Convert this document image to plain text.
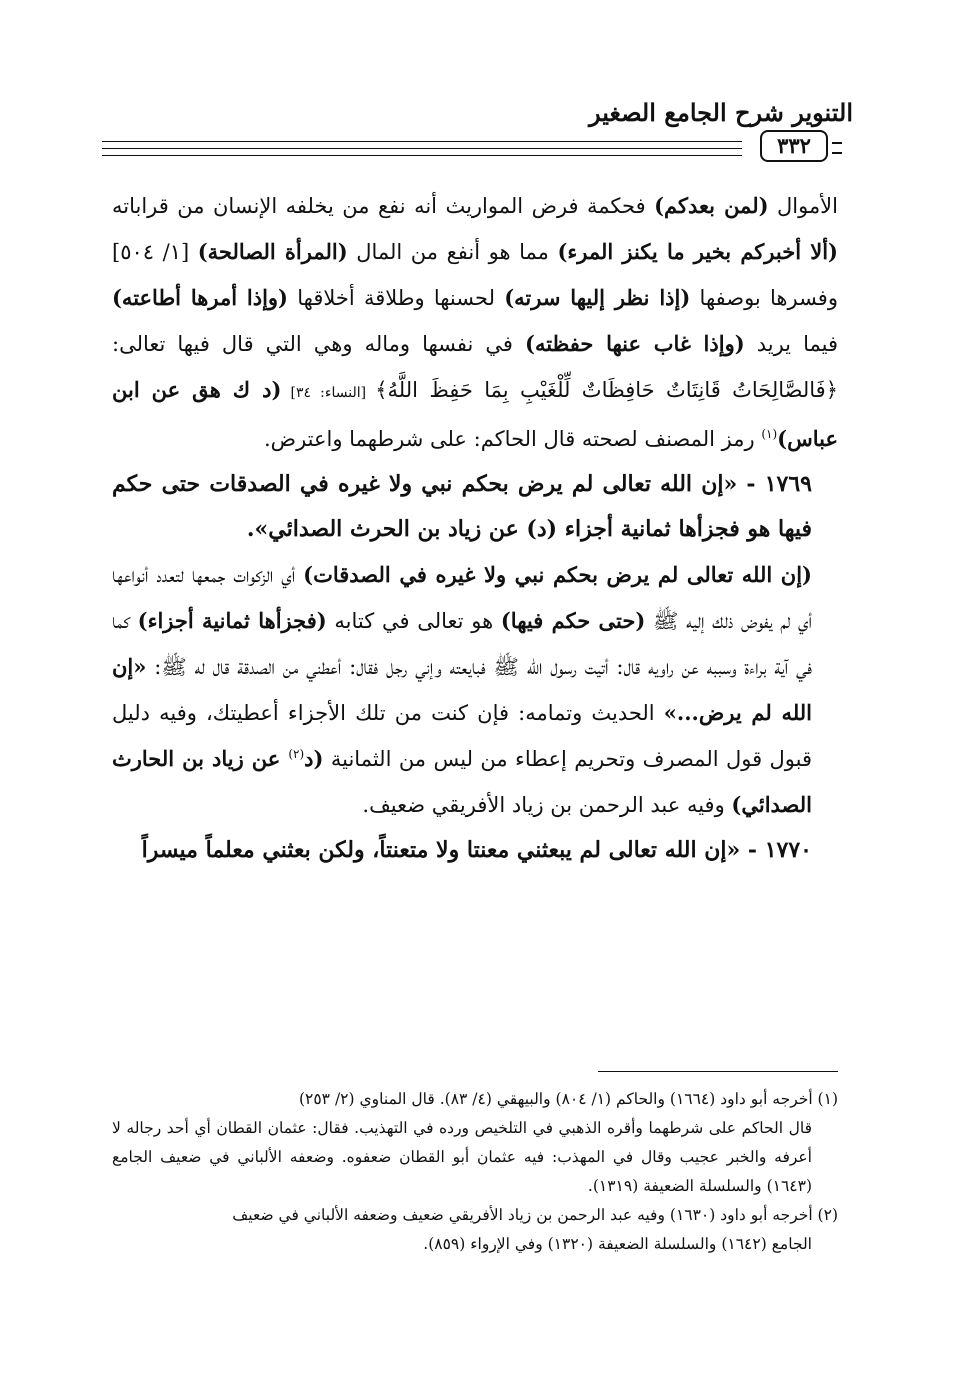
التنوير شرح الجامع الصغير
٣٣٢

الأموال (لمن بعدكم) فحكمة فرض المواريث أنه نفع من يخلفه الإنسان من قراباته (ألا أخبركم بخير ما يكنز المرء) مما هو أنفع من المال (المرأة الصالحة) [١/ ٥٠٤] وفسرها بوصفها (إذا نظر إليها سرته) لحسنها وطلاقة أخلاقها (وإذا أمرها أطاعته) فيما يريد (وإذا غاب عنها حفظته) في نفسها وماله وهي التي قال فيها تعالى: ﴿فَالصَّالِحَاتُ قَانِتَاتٌ حَافِظَاتٌ لِّلْغَيْبِ بِمَا حَفِظَ اللَّهُ﴾ [النساء: ٣٤] (د ك هق عن ابن عباس)$^{(١)}$ رمز المصنف لصحته قال الحاكم: على شرطهما واعترض.

١٧٦٩ - «إن الله تعالى لم يرض بحكم نبي ولا غيره في الصدقات حتى حكم فيها هو فجزأها ثمانية أجزاء (د) عن زياد بن الحرث الصدائي».

(إن الله تعالى لم يرض بحكم نبي ولا غيره في الصدقات) أي الزكوات جمعها لتعدد أنواعها أي لم يفوض ذلك إليه ﷺ (حتى حكم فيها) هو تعالى في كتابه (فجزأها ثمانية أجزاء) كما في آية براءة وسببه عن راويه قال: أتيت رسول الله ﷺ فبايعته وإني رجل فقال: أعطني من الصدقة قال له ﷺ: «إن الله لم يرض...» الحديث وتمامه: فإن كنت من تلك الأجزاء أعطيتك، وفيه دليل قبول قول المصرف وتحريم إعطاء من ليس من الثمانية (د$^{(٢)}$ عن زياد بن الحارث الصدائي) وفيه عبد الرحمن بن زياد الأفريقي ضعيف.

١٧٧٠ - «إن الله تعالى لم يبعثني معنتا ولا متعنتاً، ولكن بعثني معلماً ميسراً

(١) أخرجه أبو داود (١٦٦٤) والحاكم (١/ ٨٠٤) والبيهقي (٤/ ٨٣). قال المناوي (٢/ ٢٥٣)

قال الحاكم على شرطهما وأقره الذهبي في التلخيص ورده في التهذيب. فقال: عثمان القطان أي أحد رجاله لا أعرفه والخبر عجيب وقال في المهذب: فيه عثمان أبو القطان ضعفوه. وضعفه الألباني في ضعيف الجامع (١٦٤٣) والسلسلة الضعيفة (١٣١٩).

(٢) أخرجه أبو داود (١٦٣٠) وفيه عبد الرحمن بن زياد الأفريقي ضعيف وضعفه الألباني في ضعيف

الجامع (١٦٤٢) والسلسلة الضعيفة (١٣٢٠) وفي الإرواء (٨٥٩).
